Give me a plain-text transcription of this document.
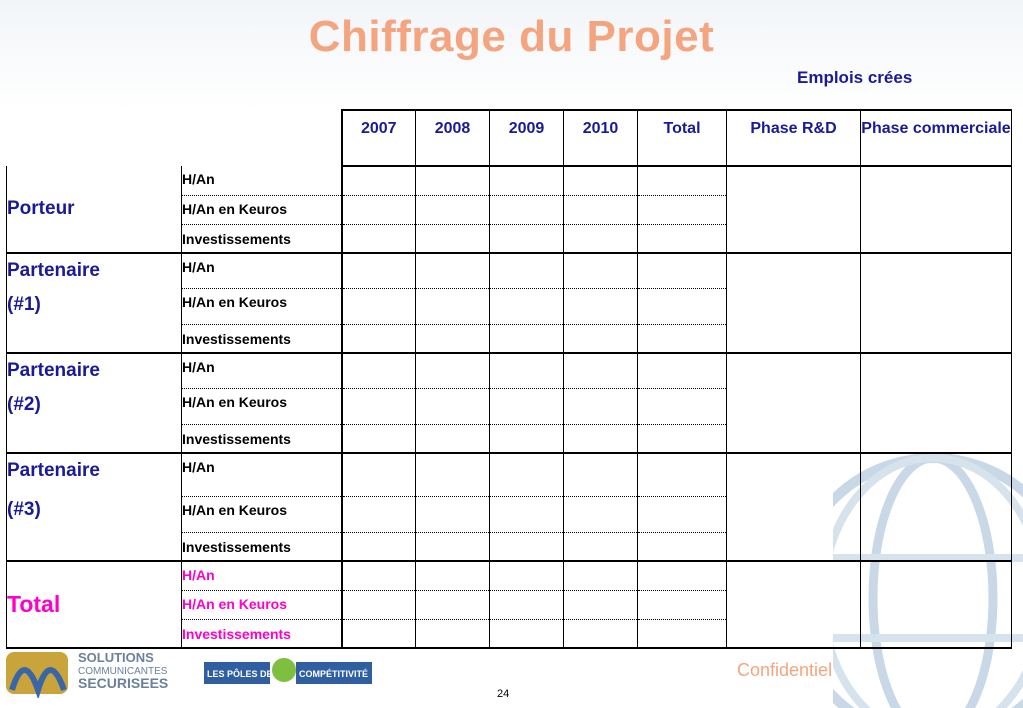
Chiffrage du Projet
Emplois crées
		2007	2008	2009	2010	Total	Phase R&D	Phase commerciale

Porteur	H/An							
	H/An en Keuros							
	Investissements							

Partenaire
(#1)	H/An							
	H/An en Keuros							
	Investissements							

Partenaire
(#2)	H/An							
	H/An en Keuros							
	Investissements							

Partenaire
(#3)	H/An							
	H/An en Keuros							
	Investissements							

Total	H/An							
	H/An en Keuros							
	Investissements							
SOLUTIONS
COMMUNICANTES
SECURISEES
LES PÔLES DE	COMPÉTITIVITÉ	Confidentiel
24
